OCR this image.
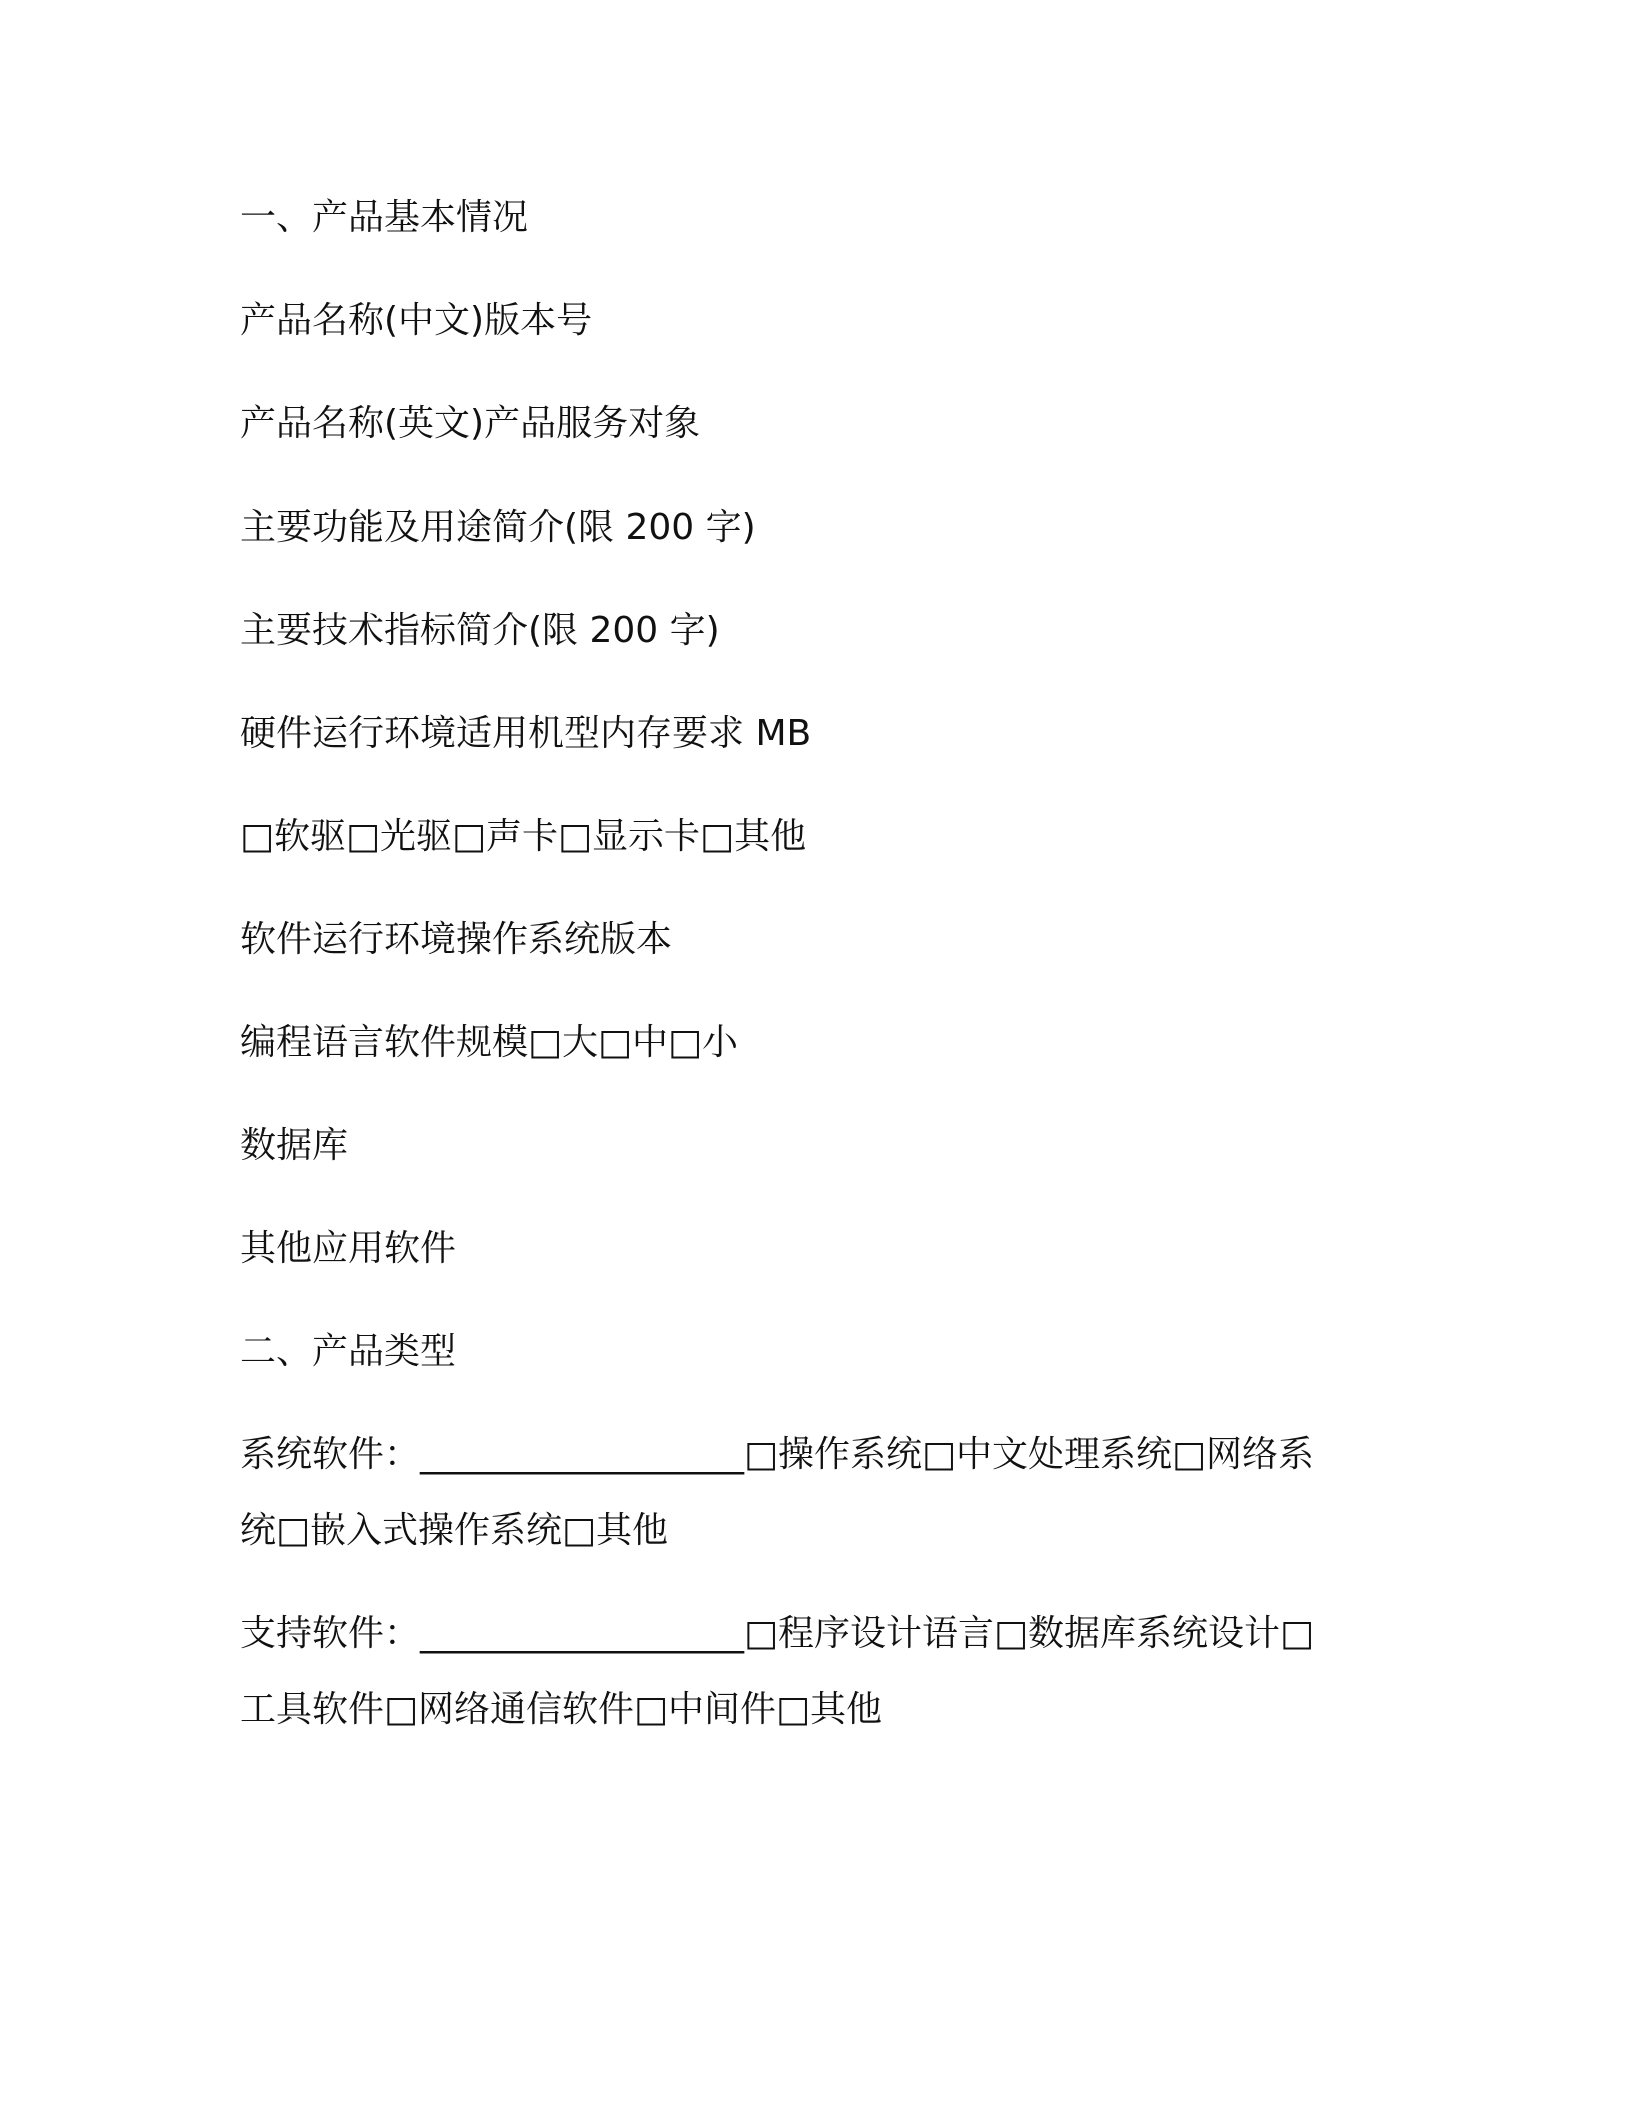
一、产品基本情况
产品名称(中文)版本号
产品名称(英文)产品服务对象
主要功能及用途简介(限 200 字)
主要技术指标简介(限 200 字)
硬件运行环境适用机型内存要求 MB
□软驱□光驱□声卡□显示卡□其他
软件运行环境操作系统版本
编程语言软件规模□大□中□小
数据库
其他应用软件
二、产品类型
系统软件：__________________□操作系统□中文处理系统□网络系
统□嵌入式操作系统□其他
支持软件：__________________□程序设计语言□数据库系统设计□
工具软件□网络通信软件□中间件□其他
